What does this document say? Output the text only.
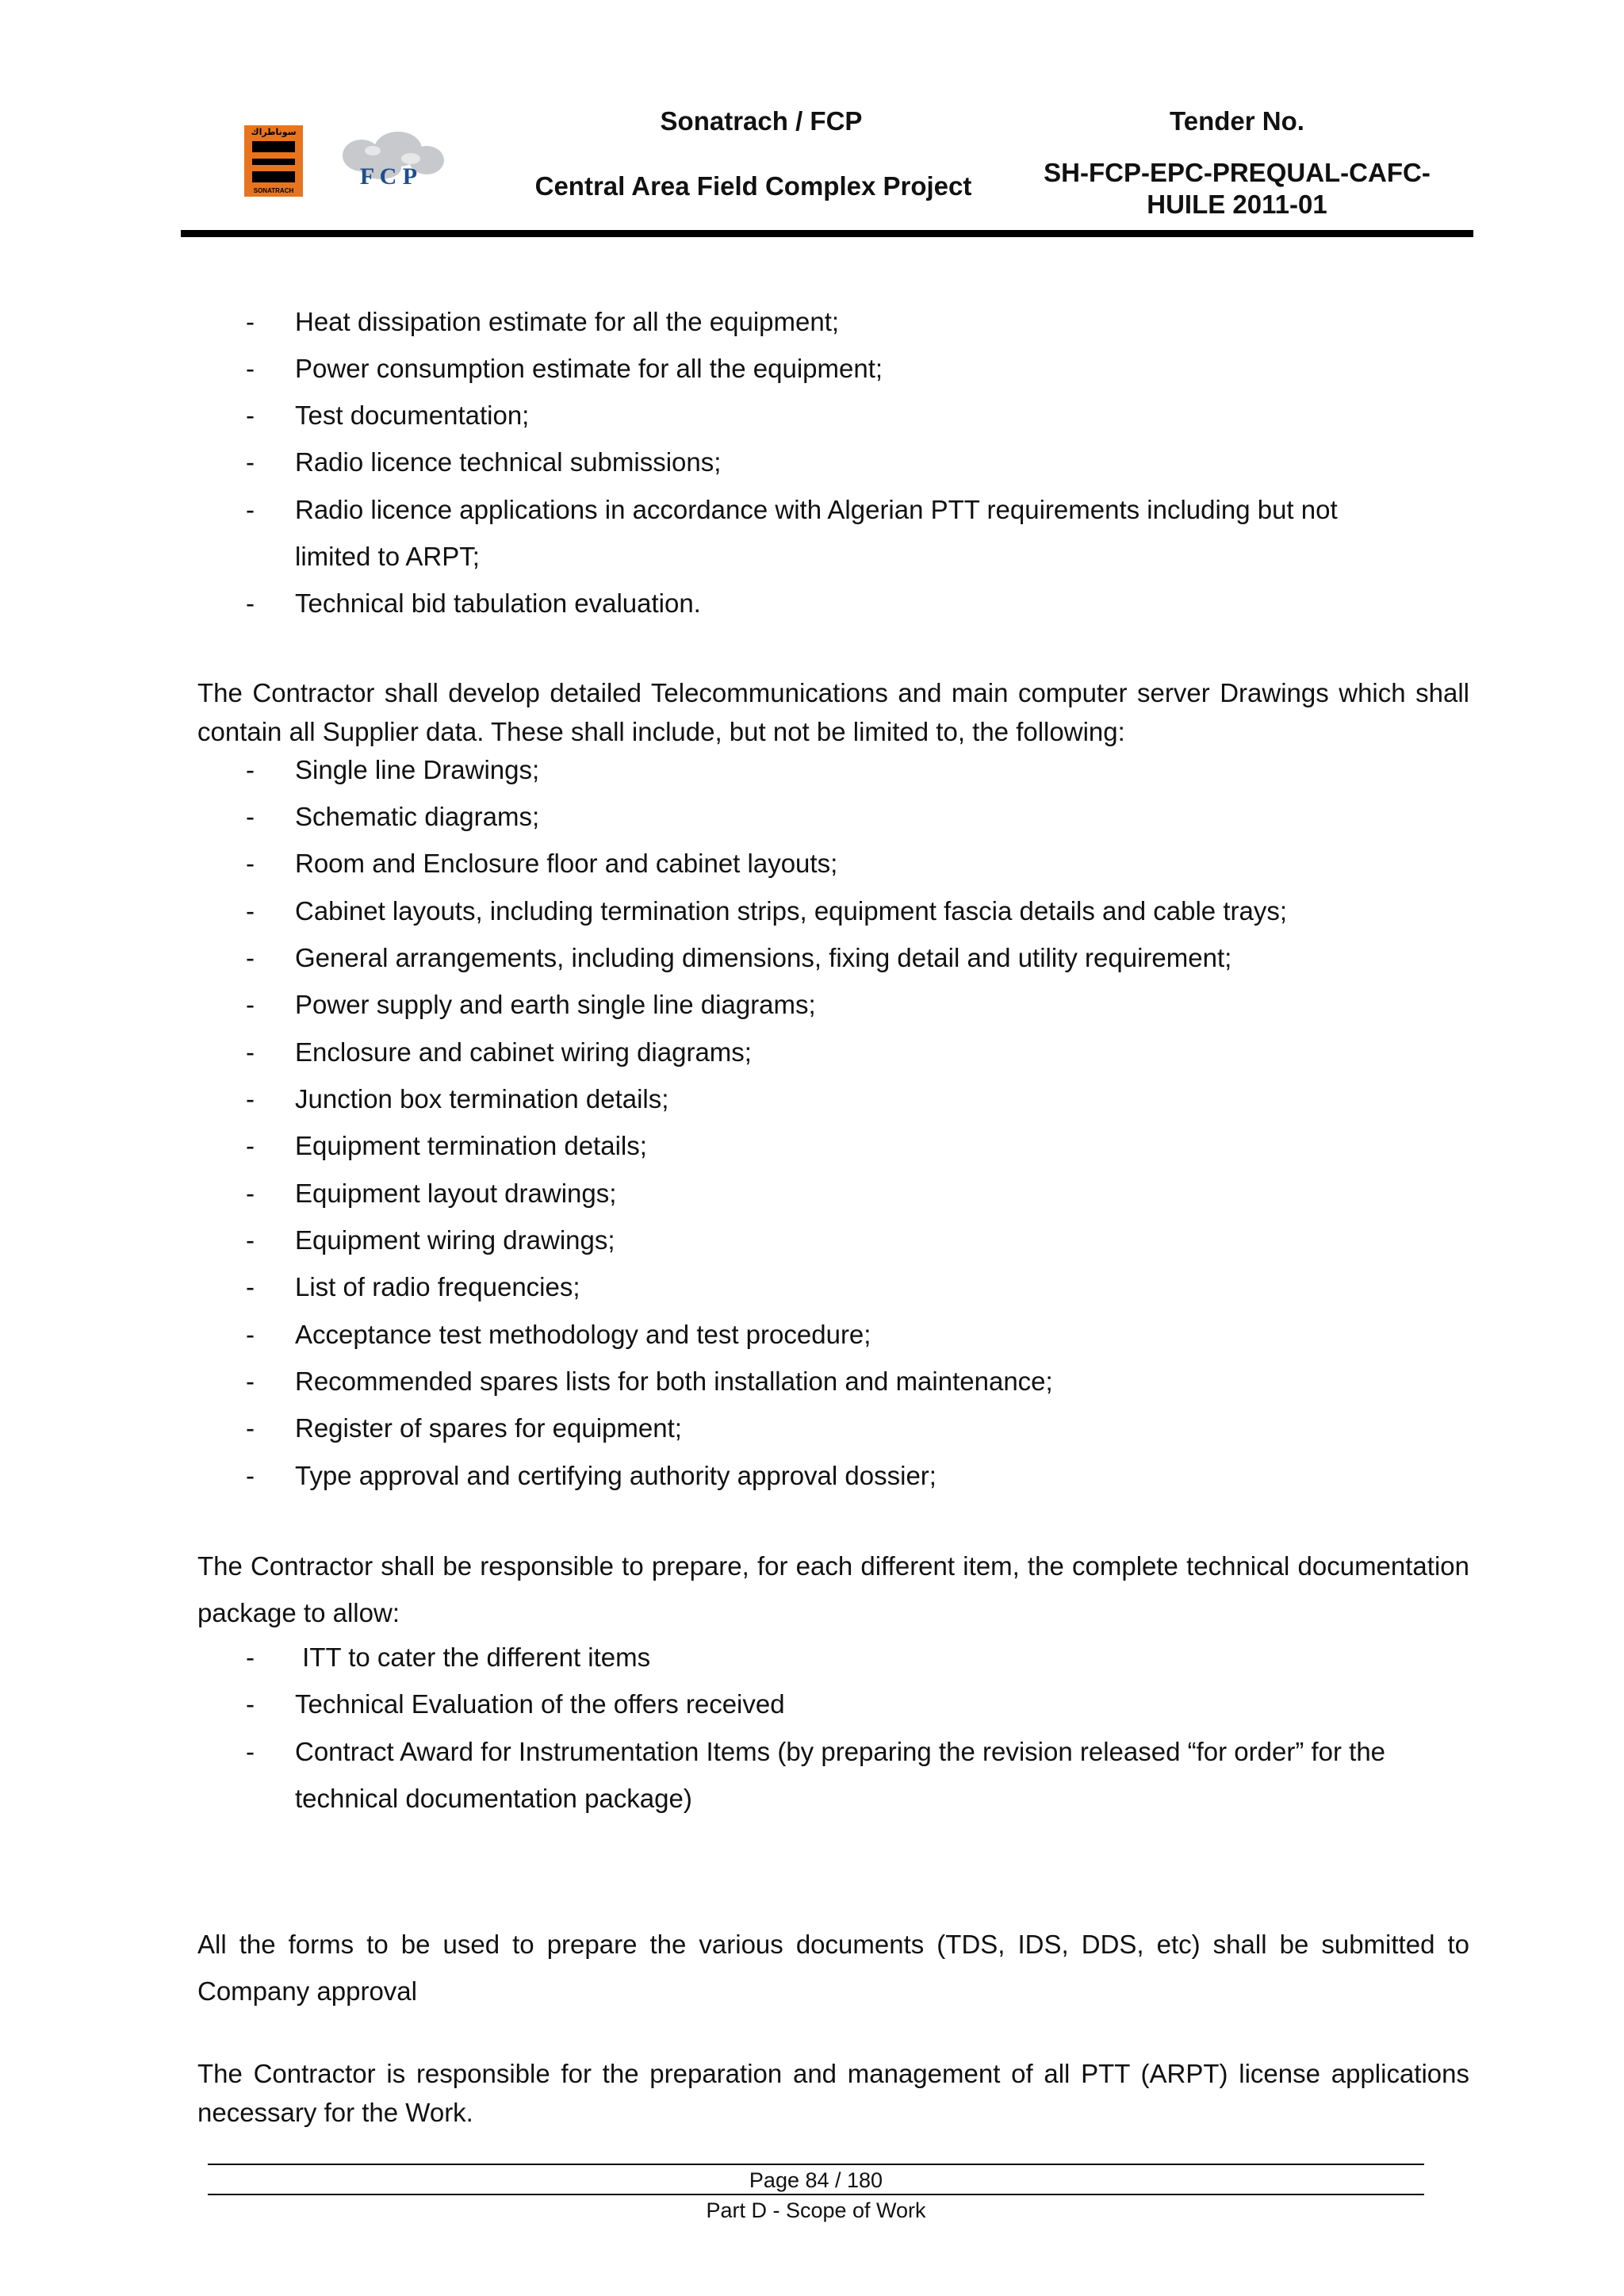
سوناطراك
SONATRACH
F C P
Sonatrach / FCP
Central Area Field Complex Project
Tender No.
SH-FCP-EPC-PREQUAL-CAFC-
HUILE 2011-01
- Heat dissipation estimate for all the equipment;
- Power consumption estimate for all the equipment;
- Test documentation;
- Radio licence technical submissions;
- Radio licence applications in accordance with Algerian PTT requirements including but not
limited to ARPT;
- Technical bid tabulation evaluation.
The Contractor shall develop detailed Telecommunications and main computer server Drawings which shall contain all Supplier data. These shall include, but not be limited to, the following:
- Single line Drawings;
- Schematic diagrams;
- Room and Enclosure floor and cabinet layouts;
- Cabinet layouts, including termination strips, equipment fascia details and cable trays;
- General arrangements, including dimensions, fixing detail and utility requirement;
- Power supply and earth single line diagrams;
- Enclosure and cabinet wiring diagrams;
- Junction box termination details;
- Equipment termination details;
- Equipment layout drawings;
- Equipment wiring drawings;
- List of radio frequencies;
- Acceptance test methodology and test procedure;
- Recommended spares lists for both installation and maintenance;
- Register of spares for equipment;
- Type approval and certifying authority approval dossier;
The Contractor shall be responsible to prepare, for each different item, the complete technical documentation package to allow:
- ITT to cater the different items
- Technical Evaluation of the offers received
- Contract Award for Instrumentation Items (by preparing the revision released “for order” for the
technical documentation package)
All the forms to be used to prepare the various documents (TDS, IDS, DDS, etc) shall be submitted to Company approval
The Contractor is responsible for the preparation and management of all PTT (ARPT) license applications necessary for the Work.
Page 84 / 180
Part D - Scope of Work
